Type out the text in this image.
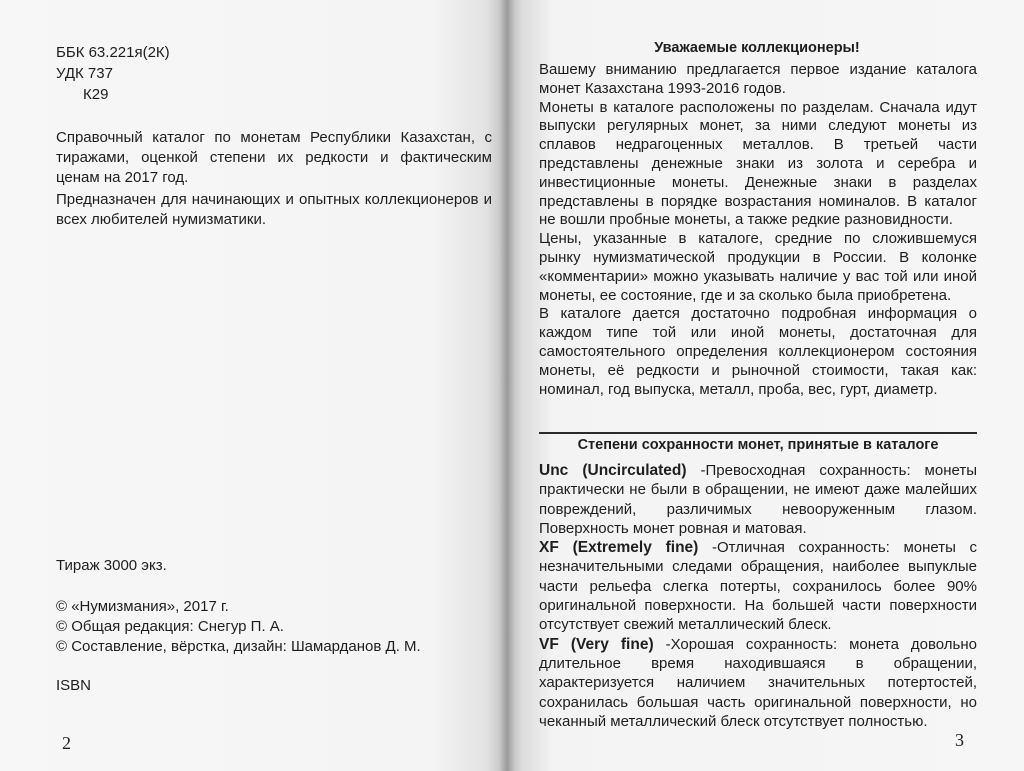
ББК 63.221я(2К)
УДК 737
К29

Справочный каталог по монетам Республики Казахстан, с тиражами, оценкой степени их редкости и фактическим ценам на 2017 год.

Предназначен для начинающих и опытных коллекционеров и всех любителей нумизматики.

Тираж 3000 экз.
© «Нумизмания», 2017 г.
© Общая редакция: Снегур П. А.
© Составление, вёрстка, дизайн: Шамарданов Д. М.
ISBN
2
Уважаемые коллекционеры!

Вашему вниманию предлагается первое издание каталога монет Казахстана 1993-2016 годов.

Монеты в каталоге расположены по разделам. Сначала идут выпуски регулярных монет, за ними следуют монеты из сплавов недрагоценных металлов. В третьей части представлены денежные знаки из золота и серебра и инвестиционные монеты. Денежные знаки в разделах представлены в порядке возрастания номиналов. В каталог не вошли пробные монеты, а также редкие разновидности.

Цены, указанные в каталоге, средние по сложившемуся рынку нумизматической продукции в России. В колонке «комментарии» можно указывать наличие у вас той или иной монеты, ее состояние, где и за сколько была приобретена.

В каталоге дается достаточно подробная информация о каждом типе той или иной монеты, достаточная для самостоятельного определения коллекционером состояния монеты, её редкости и рыночной стоимости, такая как: номинал, год выпуска, металл, проба, вес, гурт, диаметр.

Степени сохранности монет, принятые в каталоге

Unc (Uncirculated) -Превосходная сохранность: монеты практически не были в обращении, не имеют даже малейших повреждений, различимых невооруженным глазом. Поверхность монет ровная и матовая.

XF (Extremely fine) -Отличная сохранность: монеты с незначительными следами обращения, наиболее выпуклые части рельефа слегка потерты, сохранилось более 90% оригинальной поверхности. На большей части поверхности отсутствует свежий металлический блеск.

VF (Very fine) -Хорошая сохранность: монета довольно длительное время находившаяся в обращении, характеризуется наличием значительных потертостей, сохранилась большая часть оригинальной поверхности, но чеканный металлический блеск отсутствует полностью.

3
